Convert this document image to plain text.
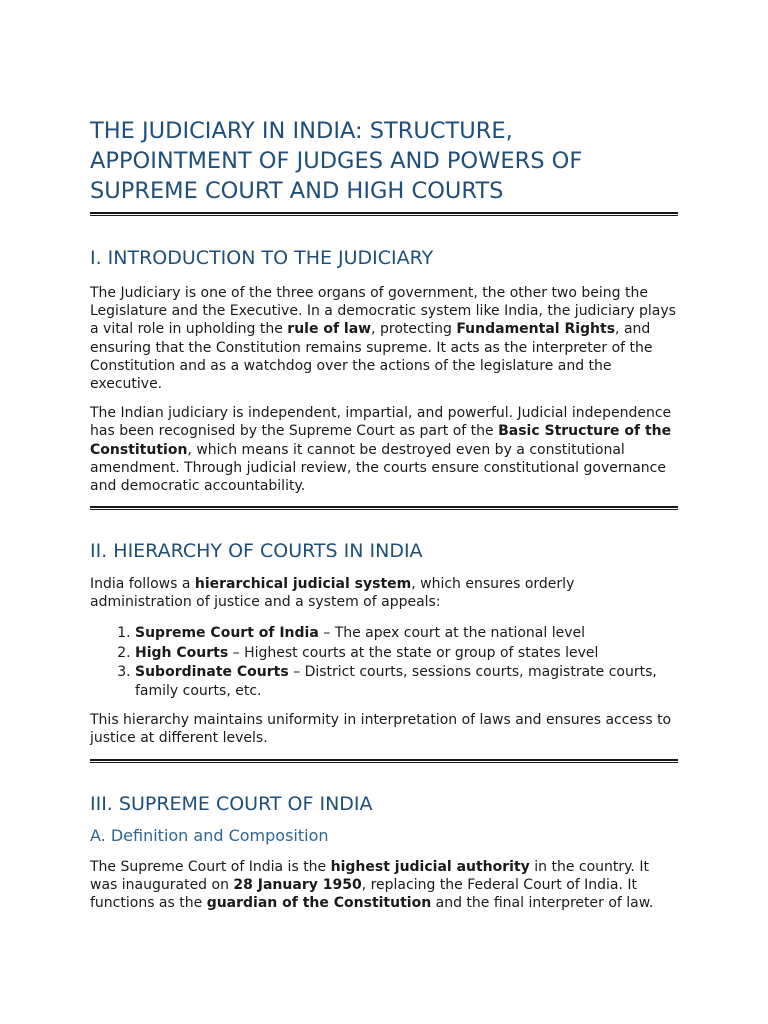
THE JUDICIARY IN INDIA: STRUCTURE, APPOINTMENT OF JUDGES AND POWERS OF SUPREME COURT AND HIGH COURTS
I. INTRODUCTION TO THE JUDICIARY

The Judiciary is one of the three organs of government, the other two being the Legislature and the Executive. In a democratic system like India, the judiciary plays a vital role in upholding the rule of law, protecting Fundamental Rights, and ensuring that the Constitution remains supreme. It acts as the interpreter of the Constitution and as a watchdog over the actions of the legislature and the executive.

The Indian judiciary is independent, impartial, and powerful. Judicial independence has been recognised by the Supreme Court as part of the Basic Structure of the Constitution, which means it cannot be destroyed even by a constitutional amendment. Through judicial review, the courts ensure constitutional governance and democratic accountability.

II. HIERARCHY OF COURTS IN INDIA

India follows a hierarchical judicial system, which ensures orderly administration of justice and a system of appeals:

1. Supreme Court of India – The apex court at the national level
2. High Courts – Highest courts at the state or group of states level
3. Subordinate Courts – District courts, sessions courts, magistrate courts, family courts, etc.

This hierarchy maintains uniformity in interpretation of laws and ensures access to justice at different levels.

III. SUPREME COURT OF INDIA
A. Definition and Composition

The Supreme Court of India is the highest judicial authority in the country. It was inaugurated on 28 January 1950, replacing the Federal Court of India. It functions as the guardian of the Constitution and the final interpreter of law.
